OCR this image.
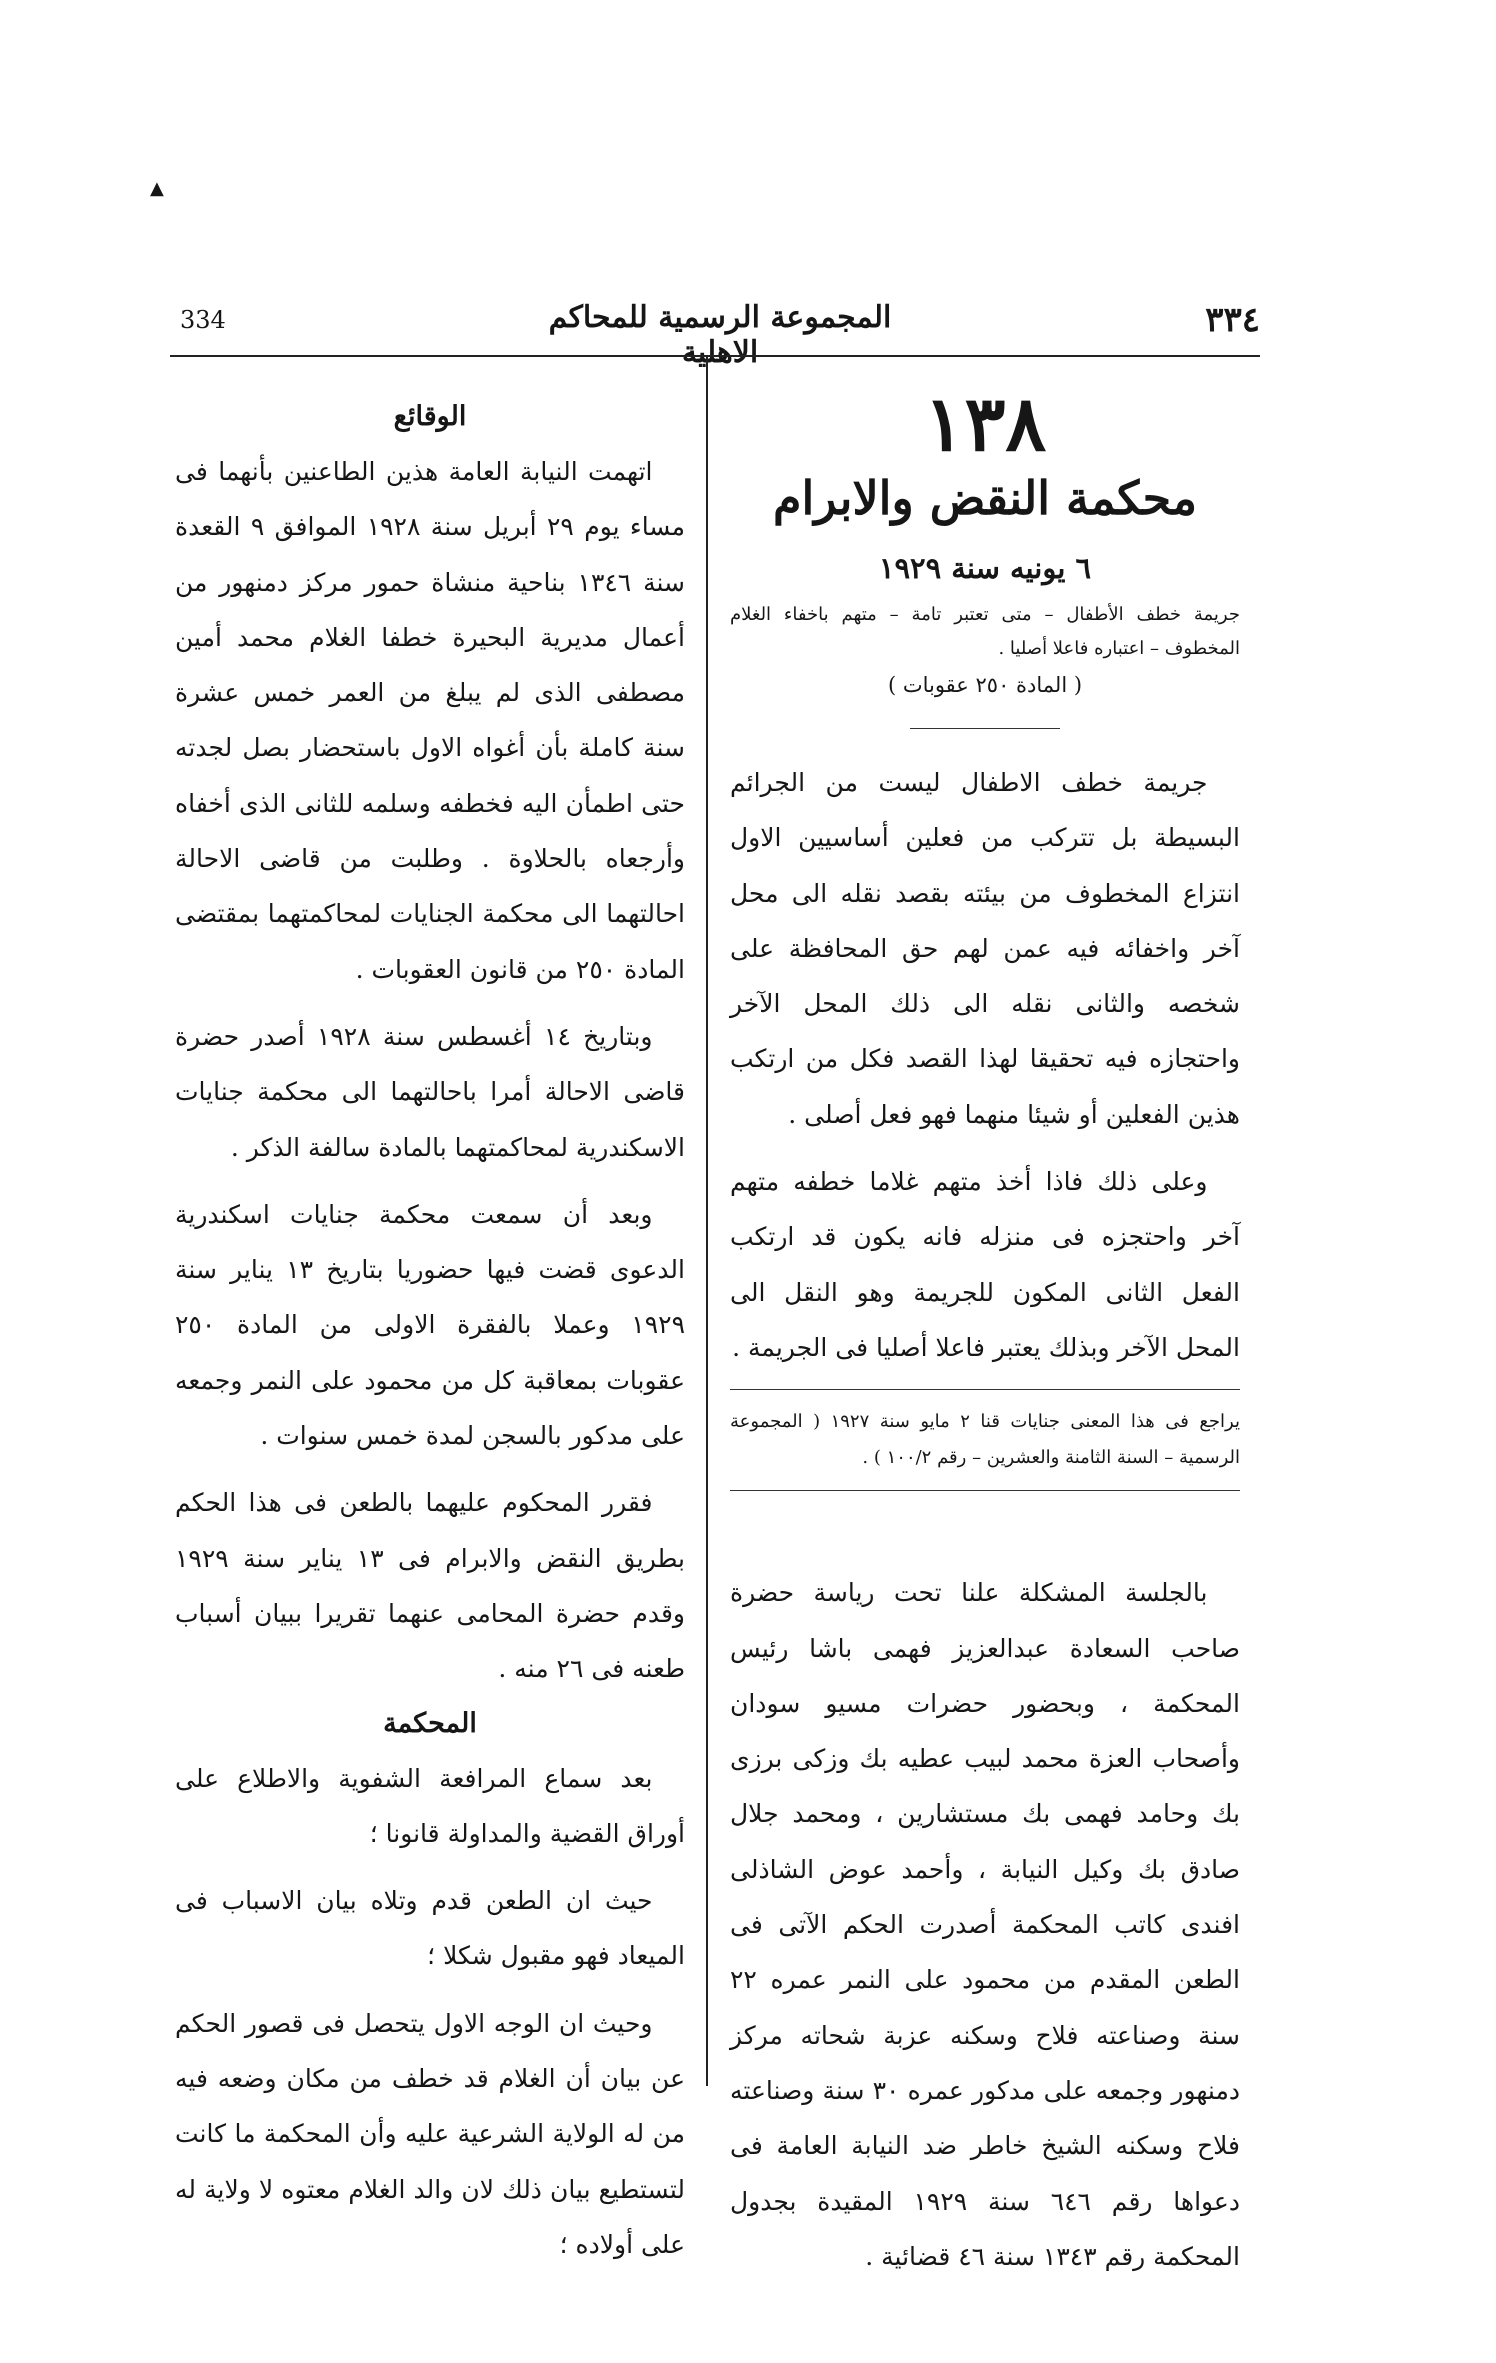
▲
334	المجموعة الرسمية للمحاكم الاهلية
٣٣٤

١٣٨

محكمة النقض والابرام

٦ يونيه سنة ١٩٢٩

جريمة خطف الأطفال – متى تعتبر تامة – متهم باخفاء الغلام المخطوف – اعتباره فاعلا أصليا .

( المادة ٢٥٠ عقوبات )

جريمة خطف الاطفال ليست من الجرائم البسيطة بل تتركب من فعلين أساسيين الاول انتزاع المخطوف من بيئته بقصد نقله الى محل آخر واخفائه فيه عمن لهم حق المحافظة على شخصه والثانى نقله الى ذلك المحل الآخر واحتجازه فيه تحقيقا لهذا القصد فكل من ارتكب هذين الفعلين أو شيئا منهما فهو فعل أصلى .

وعلى ذلك فاذا أخذ متهم غلاما خطفه متهم آخر واحتجزه فى منزله فانه يكون قد ارتكب الفعل الثانى المكون للجريمة وهو النقل الى المحل الآخر وبذلك يعتبر فاعلا أصليا فى الجريمة .

يراجع فى هذا المعنى جنايات قنا ٢ مايو سنة ١٩٢٧ ( المجموعة الرسمية – السنة الثامنة والعشرين – رقم ١٠٠/٢ ) .

بالجلسة المشكلة علنا تحت رياسة حضرة صاحب السعادة عبدالعزيز فهمى باشا رئيس المحكمة ، وبحضور حضرات مسيو سودان وأصحاب العزة محمد لبيب عطيه بك وزكى برزى بك وحامد فهمى بك مستشارين ، ومحمد جلال صادق بك وكيل النيابة ، وأحمد عوض الشاذلى افندى كاتب المحكمة أصدرت الحكم الآتى فى الطعن المقدم من محمود على النمر عمره ٢٢ سنة وصناعته فلاح وسكنه عزبة شحاته مركز دمنهور وجمعه على مدكور عمره ٣٠ سنة وصناعته فلاح وسكنه الشيخ خاطر ضد النيابة العامة فى دعواها رقم ٦٤٦ سنة ١٩٢٩ المقيدة بجدول المحكمة رقم ١٣٤٣ سنة ٤٦ قضائية .

الوقائع

اتهمت النيابة العامة هذين الطاعنين بأنهما فى مساء يوم ٢٩ أبريل سنة ١٩٢٨ الموافق ٩ القعدة سنة ١٣٤٦ بناحية منشاة حمور مركز دمنهور من أعمال مديرية البحيرة خطفا الغلام محمد أمين مصطفى الذى لم يبلغ من العمر خمس عشرة سنة كاملة بأن أغواه الاول باستحضار بصل لجدته حتى اطمأن اليه فخطفه وسلمه للثانى الذى أخفاه وأرجعاه بالحلاوة . وطلبت من قاضى الاحالة احالتهما الى محكمة الجنايات لمحاكمتهما بمقتضى المادة ٢٥٠ من قانون العقوبات .

وبتاريخ ١٤ أغسطس سنة ١٩٢٨ أصدر حضرة قاضى الاحالة أمرا باحالتهما الى محكمة جنايات الاسكندرية لمحاكمتهما بالمادة سالفة الذكر .

وبعد أن سمعت محكمة جنايات اسكندرية الدعوى قضت فيها حضوريا بتاريخ ١٣ يناير سنة ١٩٢٩ وعملا بالفقرة الاولى من المادة ٢٥٠ عقوبات بمعاقبة كل من محمود على النمر وجمعه على مدكور بالسجن لمدة خمس سنوات .

فقرر المحكوم عليهما بالطعن فى هذا الحكم بطريق النقض والابرام فى ١٣ يناير سنة ١٩٢٩ وقدم حضرة المحامى عنهما تقريرا ببيان أسباب طعنه فى ٢٦ منه .

المحكمة

بعد سماع المرافعة الشفوية والاطلاع على أوراق القضية والمداولة قانونا ؛

حيث ان الطعن قدم وتلاه بيان الاسباب فى الميعاد فهو مقبول شكلا ؛

وحيث ان الوجه الاول يتحصل فى قصور الحكم عن بيان أن الغلام قد خطف من مكان وضعه فيه من له الولاية الشرعية عليه وأن المحكمة ما كانت لتستطيع بيان ذلك لان والد الغلام معتوه لا ولاية له على أولاده ؛
